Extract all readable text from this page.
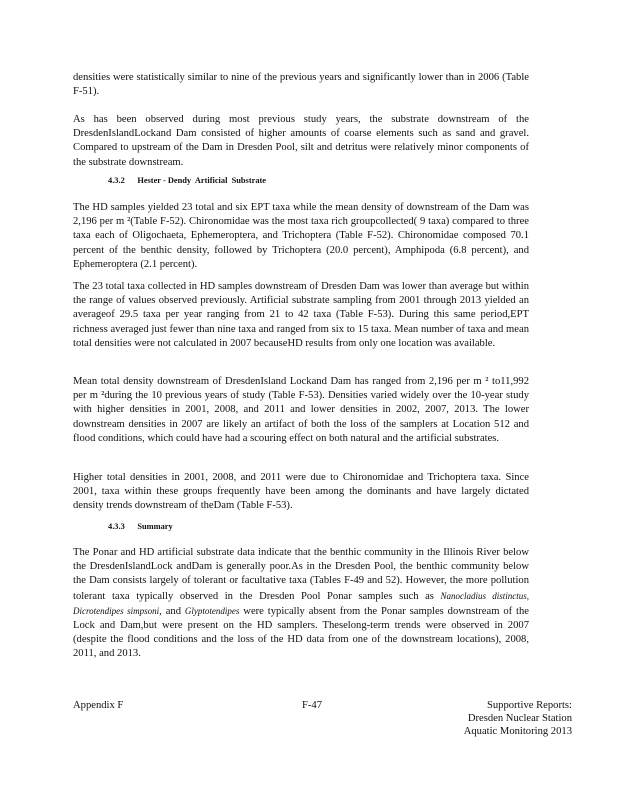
densities were statistically similar to nine of the previous years and significantly lower than in 2006 (Table F-51).

As has been observed during most previous study years, the substrate downstream of the DresdenIslandLockand Dam consisted of higher amounts of coarse elements such as sand and gravel. Compared to upstream of the Dam in Dresden Pool, silt and detritus were relatively minor components of the substrate downstream.

4.3.2 Hester - Dendy  Artificial  Substrate

The HD samples yielded 23 total and six EPT taxa while the mean density of downstream of the Dam was 2,196 per m ²(Table F-52). Chironomidae was the most taxa rich groupcollected( 9 taxa) compared to three taxa each of Oligochaeta, Ephemeroptera, and Trichoptera (Table F-52). Chironomidae composed 70.1 percent of the benthic density, followed by Trichoptera (20.0 percent), Amphipoda (6.8 percent), and Ephemeroptera (2.1 percent).

The 23 total taxa collected in HD samples downstream of Dresden Dam was lower than average but within the range of values observed previously. Artificial substrate sampling from 2001 through 2013 yielded an averageof 29.5 taxa per year ranging from 21 to 42 taxa (Table F-53). During this same period,EPT richness averaged just fewer than nine taxa and ranged from six to 15 taxa. Mean number of taxa and mean total densities were not calculated in 2007 becauseHD results from only one location was available.

Mean total density downstream of DresdenIsland Lockand Dam has ranged from 2,196 per m ² to11,992 per m ²during the 10 previous years of study (Table F-53). Densities varied widely over the 10-year study with higher densities in 2001, 2008, and 2011 and lower densities in 2002, 2007, 2013. The lower downstream densities in 2007 are likely an artifact of both the loss of the samplers at Location 512 and flood conditions, which could have had a scouring effect on both natural and the artificial substrates.

Higher total densities in 2001, 2008, and 2011 were due to Chironomidae and Trichoptera taxa. Since 2001, taxa within these groups frequently have been among the dominants and have largely dictated density trends downstream of theDam (Table F-53).

4.3.3 Summary

The Ponar and HD artificial substrate data indicate that the benthic community in the Illinois River below the DresdenIslandLock andDam is generally poor.As in the Dresden Pool, the benthic community below the Dam consists largely of tolerant or facultative taxa (Tables F-49 and 52). However, the more pollution tolerant taxa typically observed in the Dresden Pool Ponar samples such as Nanocladius distinctus, Dicrotendipes simpsoni, and Glyptotendipes were typically absent from the Ponar samples downstream of the Lock and Dam,but were present on the HD samplers. Theselong-term trends were observed in 2007 (despite the flood conditions and the loss of the HD data from one of the downstream locations), 2008, 2011, and 2013.

Appendix F	F-47	Supportive Reports:
Dresden Nuclear Station
Aquatic Monitoring 2013
